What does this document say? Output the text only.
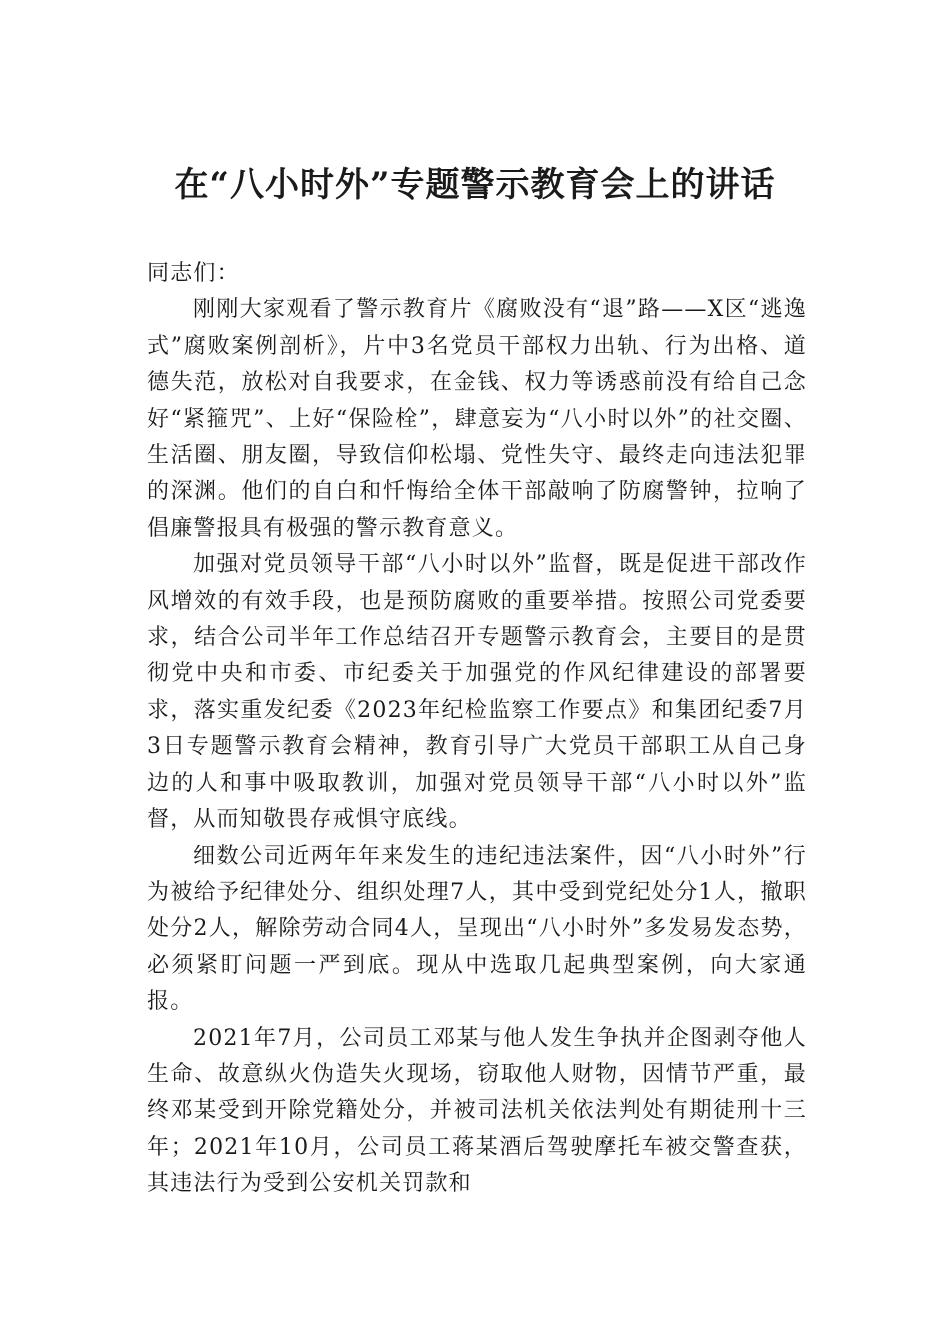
在“八小时外”专题警示教育会上的讲话

同志们：

刚刚大家观看了警示教育片《腐败没有“退”路——X区“逃逸式”腐败案例剖析》，片中3名党员干部权力出轨、行为出格、道德失范，放松对自我要求，在金钱、权力等诱惑前没有给自己念好“紧箍咒”、上好“保险栓”，肆意妄为“八小时以外”的社交圈、生活圈、朋友圈，导致信仰松塌、党性失守、最终走向违法犯罪的深渊。他们的自白和忏悔给全体干部敲响了防腐警钟，拉响了倡廉警报具有极强的警示教育意义。

加强对党员领导干部“八小时以外”监督，既是促进干部改作风增效的有效手段，也是预防腐败的重要举措。按照公司党委要求，结合公司半年工作总结召开专题警示教育会，主要目的是贯彻党中央和市委、市纪委关于加强党的作风纪律建设的部署要求，落实重发纪委《2023年纪检监察工作要点》和集团纪委7月3日专题警示教育会精神，教育引导广大党员干部职工从自己身边的人和事中吸取教训，加强对党员领导干部“八小时以外”监督，从而知敬畏存戒惧守底线。

细数公司近两年年来发生的违纪违法案件，因“八小时外”行为被给予纪律处分、组织处理7人，其中受到党纪处分1人，撤职处分2人，解除劳动合同4人，呈现出“八小时外”多发易发态势，必须紧盯问题一严到底。现从中选取几起典型案例，向大家通报。

2021年7月，公司员工邓某与他人发生争执并企图剥夺他人生命、故意纵火伪造失火现场，窃取他人财物，因情节严重，最终邓某受到开除党籍处分，并被司法机关依法判处有期徒刑十三年；2021年10月，公司员工蒋某酒后驾驶摩托车被交警查获，其违法行为受到公安机关罚款和
